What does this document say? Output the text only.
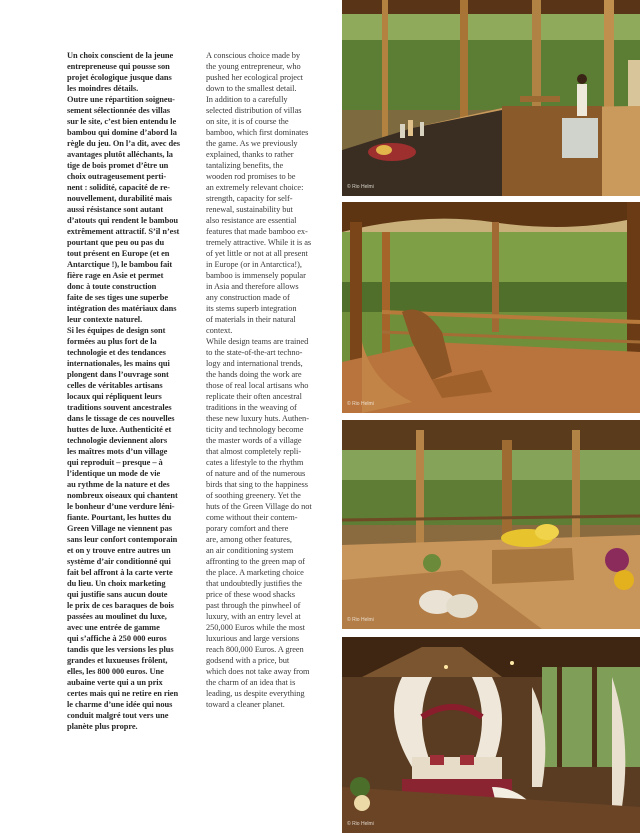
Un choix conscient de la jeune

entrepreneuse qui pousse son

projet écologique jusque dans

les moindres détails.

Outre une répartition soigneu-

sement sélectionnée des villas

sur le site, c’est bien entendu le

bambou qui domine d’abord la

règle du jeu. On l’a dit, avec des

avantages plutôt alléchants, la

tige de bois promet d’être un

choix outrageusement perti-

nent : solidité, capacité de re-

nouvellement, durabilité mais

aussi résistance sont autant

d’atouts qui rendent le bambou

extrêmement attractif. S’il n’est

pourtant que peu ou pas du

tout présent en Europe (et en

Antarctique !), le bambou fait

fière rage en Asie et permet

donc à toute construction

faite de ses tiges une superbe

intégration des matériaux dans

leur contexte naturel.

Si les équipes de design sont

formées au plus fort de la

technologie et des tendances

internationales, les mains qui

plongent dans l’ouvrage sont

celles de véritables artisans

locaux qui répliquent leurs

traditions souvent ancestrales

dans le tissage de ces nouvelles

huttes de luxe. Authenticité et

technologie deviennent alors

les maîtres mots d’un village

qui reproduit – presque – à

l’identique un mode de vie

au rythme de la nature et des

nombreux oiseaux qui chantent

le bonheur d’une verdure léni-

fiante. Pourtant, les huttes du

Green Village ne viennent pas

sans leur confort contemporain

et on y trouve entre autres un

système d’air conditionné qui

fait bel affront à la carte verte

du lieu. Un choix marketing

qui justifie sans aucun doute

le prix de ces baraques de bois

passées au moulinet du luxe,

avec une entrée de gamme

qui s’affiche à 250 000 euros

tandis que les versions les plus

grandes et luxueuses frôlent,

elles, les 800 000 euros. Une

aubaine verte qui a un prix

certes mais qui ne retire en rien

le charme d’une idée qui nous

conduit malgré tout vers une

planète plus propre.

A conscious choice made by

the young entrepreneur, who

pushed her ecological project

down to the smallest detail.

In addition to a carefully

selected distribution of villas

on site, it is of course the

bamboo, which first dominates

the game. As we previously

explained, thanks to rather

tantalizing benefits, the

wooden rod promises to be

an extremely relevant choice:

strength, capacity for self-

renewal, sustainability but

also resistance are essential

features that made bamboo ex-

tremely attractive. While it is as

of yet little or not at all present

in Europe (or in Antarctica!),

bamboo is immensely popular

in Asia and therefore allows

any construction made of

its stems superb integration

of materials in their natural

context.

While design teams are trained

to the state-of-the-art techno-

logy and international trends,

the hands doing the work are

those of real local artisans who

replicate their often ancestral

traditions in the weaving of

these new luxury huts. Authen-

ticity and technology become

the master words of a village

that almost completely repli-

cates a lifestyle to the rhythm

of nature and of the numerous

birds that sing to the happiness

of soothing greenery. Yet the

huts of the Green Village do not

come without their contem-

porary comfort and there

are, among other features,

an air conditioning system

affronting to the green map of

the place. A marketing choice

that undoubtedly justifies the

price of these wood shacks

past through the pinwheel of

luxury, with an entry level at

250,000 Euros while the most

luxurious and large versions

reach 800,000 Euros. A green

godsend with a price, but

which does not take away from

the charm of an idea that is

leading, us despite everything

toward a cleaner planet.

© Rio Helmi
© Rio Helmi
© Rio Helmi
© Rio Helmi
